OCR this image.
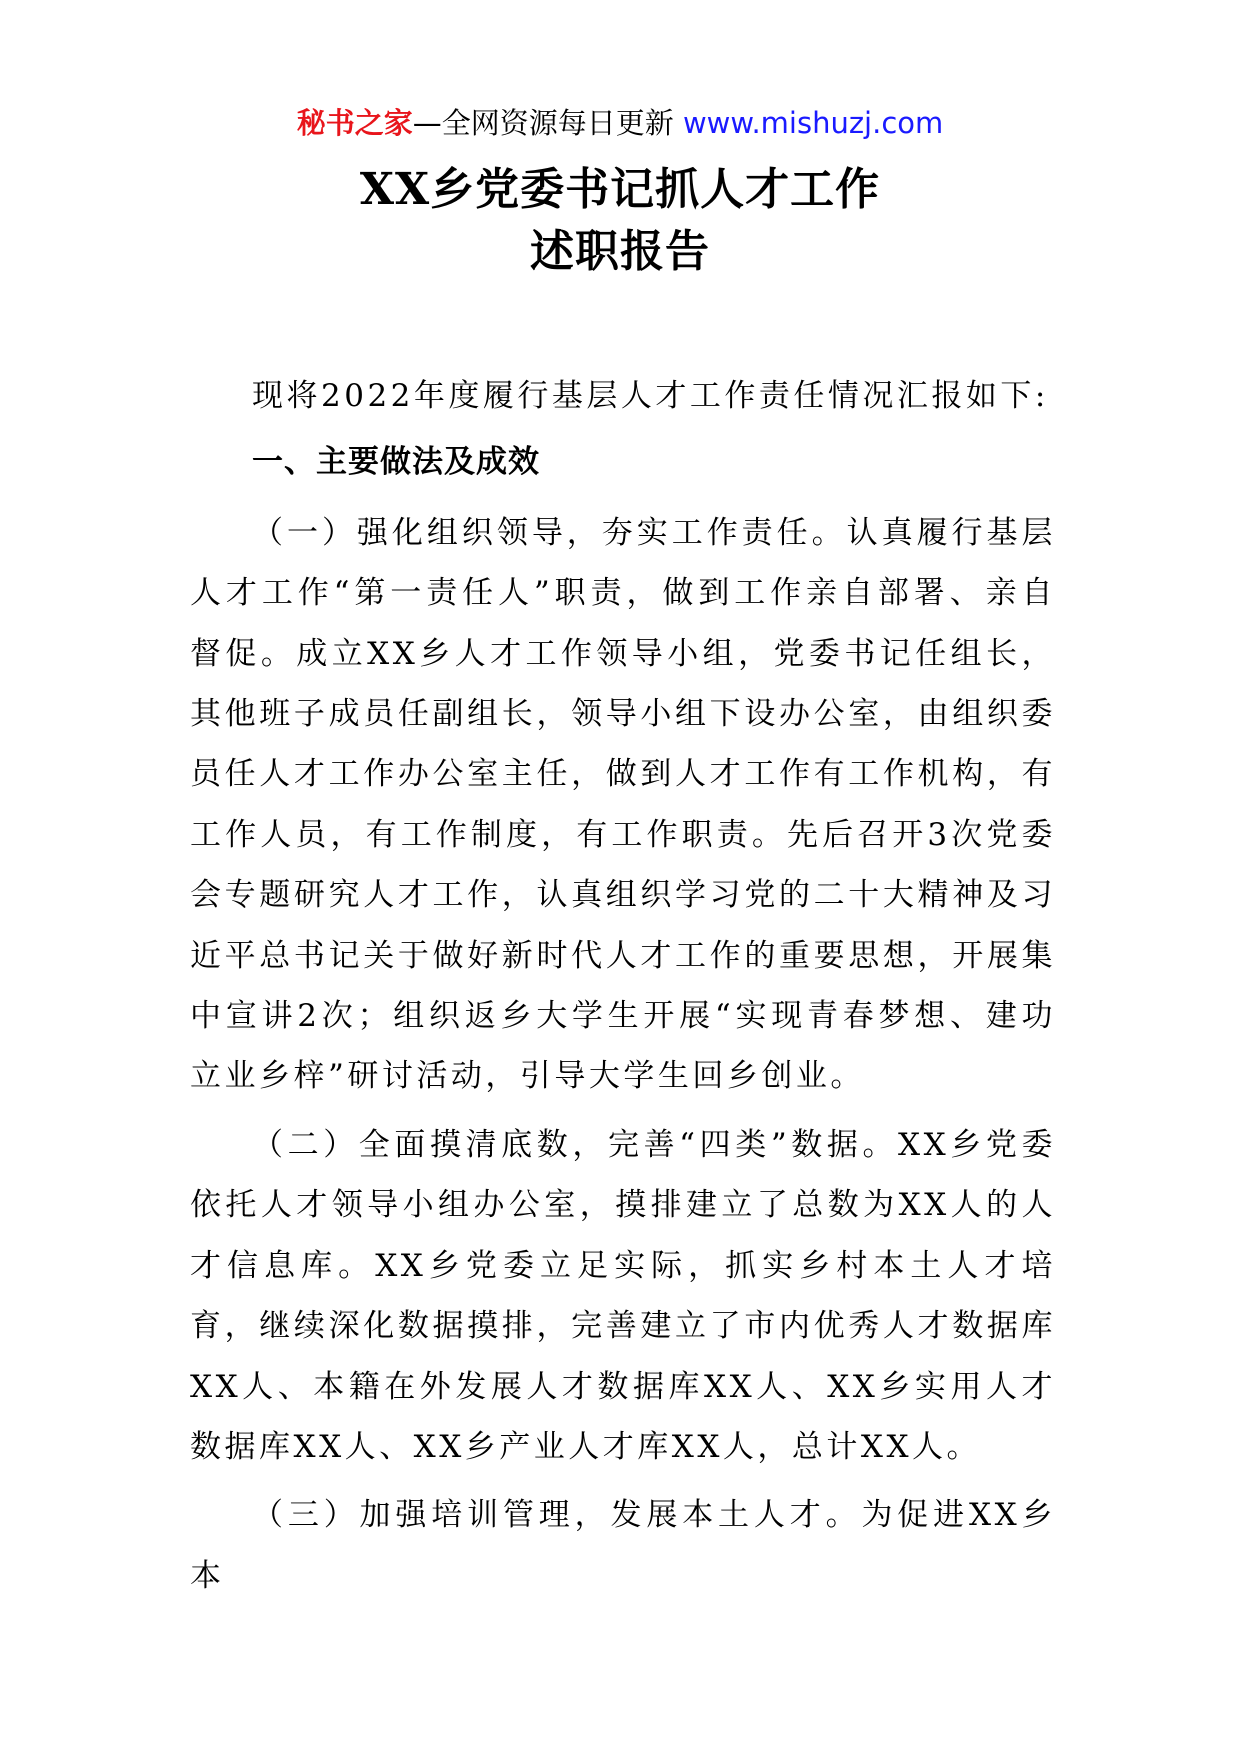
秘书之家—全网资源每日更新 www.mishuzj.com
XX乡党委书记抓人才工作
述职报告

现将2022年度履行基层人才工作责任情况汇报如下:

一、主要做法及成效

（一）强化组织领导，夯实工作责任。认真履行基层人才工作“第一责任人”职责，做到工作亲自部署、亲自督促。成立XX乡人才工作领导小组，党委书记任组长，其他班子成员任副组长，领导小组下设办公室，由组织委员任人才工作办公室主任，做到人才工作有工作机构，有工作人员，有工作制度，有工作职责。先后召开3次党委会专题研究人才工作，认真组织学习党的二十大精神及习近平总书记关于做好新时代人才工作的重要思想，开展集中宣讲2次；组织返乡大学生开展“实现青春梦想、建功立业乡梓”研讨活动，引导大学生回乡创业。

（二）全面摸清底数，完善“四类”数据。XX乡党委依托人才领导小组办公室，摸排建立了总数为XX人的人才信息库。XX乡党委立足实际，抓实乡村本土人才培育，继续深化数据摸排，完善建立了市内优秀人才数据库XX人、本籍在外发展人才数据库XX人、XX乡实用人才数据库XX人、XX乡产业人才库XX人，总计XX人。

（三）加强培训管理，发展本土人才。为促进XX乡本
